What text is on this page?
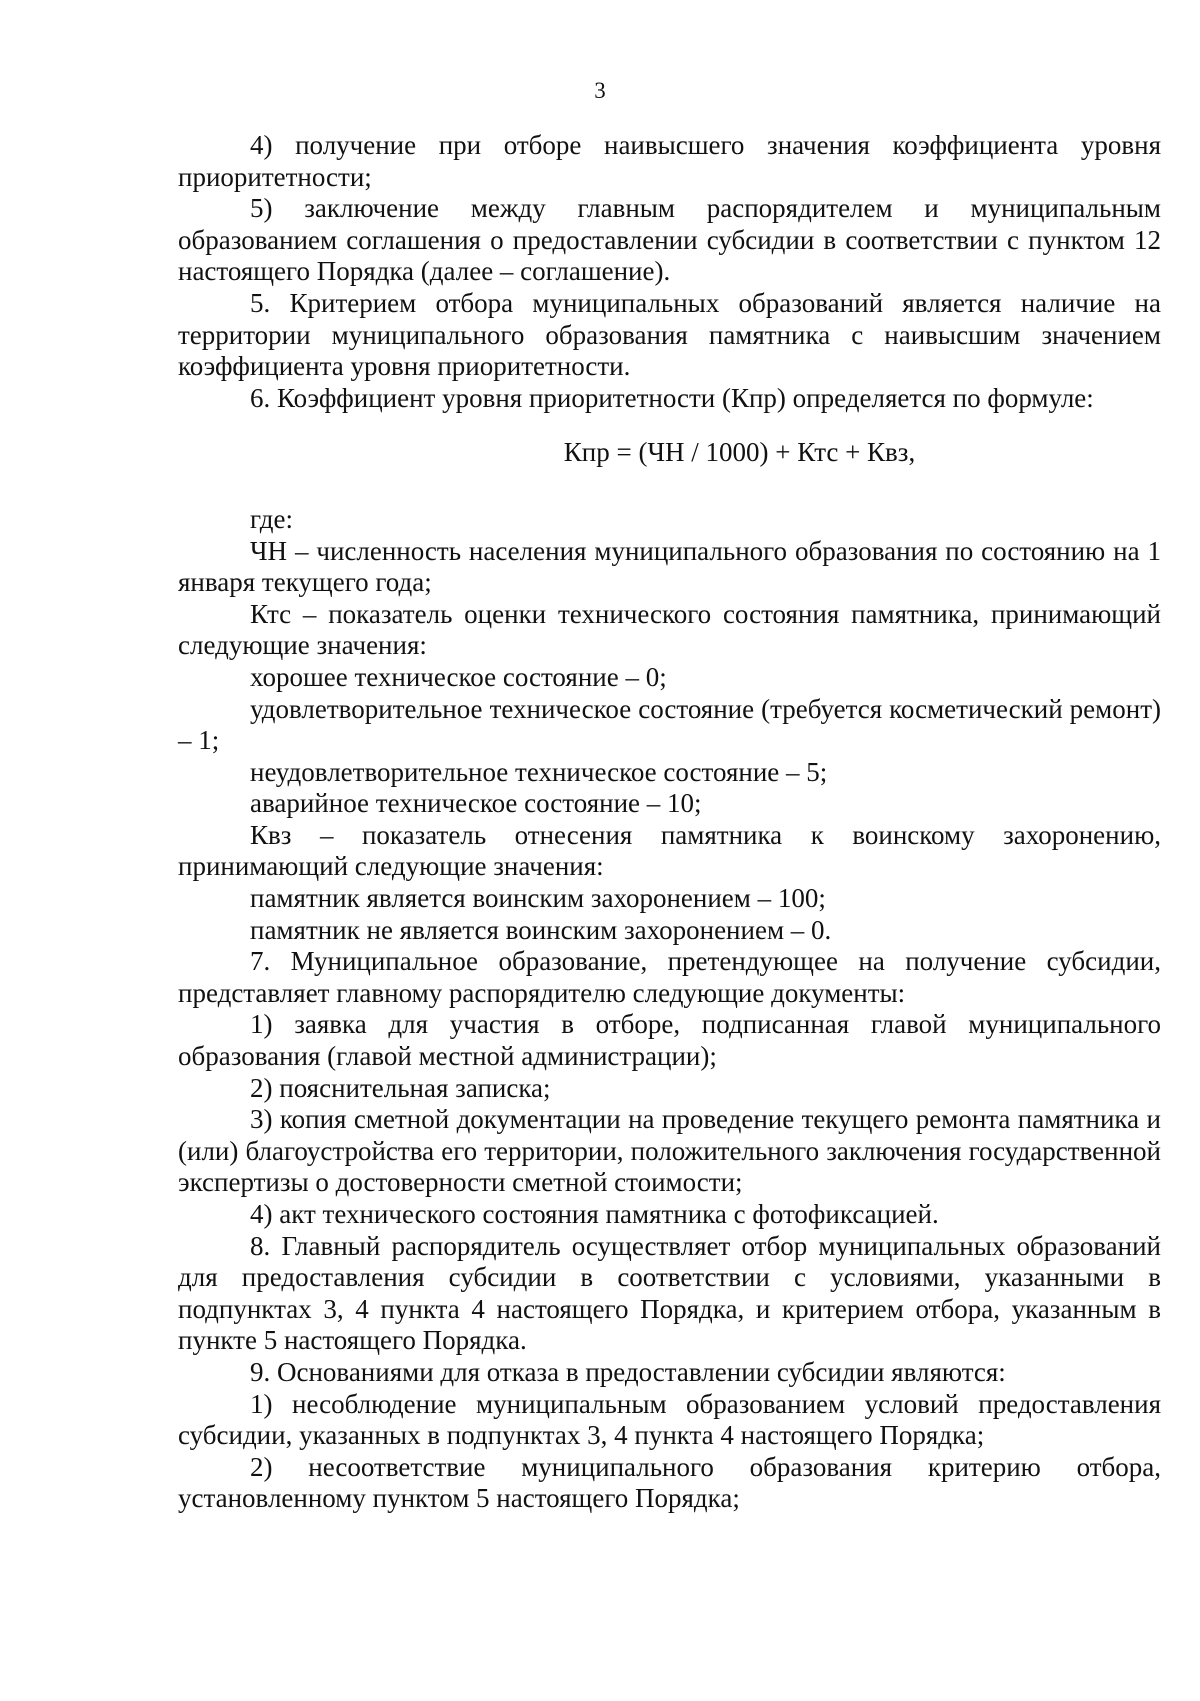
3

4) получение при отборе наивысшего значения коэффициента уровня приоритетности;

5) заключение между главным распорядителем и муниципальным образованием соглашения о предоставлении субсидии в соответствии с пунктом 12 настоящего Порядка (далее – соглашение).

5. Критерием отбора муниципальных образований является наличие на территории муниципального образования памятника с наивысшим значением коэффициента уровня приоритетности.

6. Коэффициент уровня приоритетности (Кпр) определяется по формуле:

Кпр = (ЧН / 1000) + Ктс + Квз,

где:

ЧН – численность населения муниципального образования по состоянию на 1 января текущего года;

Ктс – показатель оценки технического состояния памятника, принимающий следующие значения:

хорошее техническое состояние – 0;

удовлетворительное техническое состояние (требуется косметический ремонт) – 1;

неудовлетворительное техническое состояние – 5;

аварийное техническое состояние – 10;

Квз – показатель отнесения памятника к воинскому захоронению, принимающий следующие значения:

памятник является воинским захоронением – 100;

памятник не является воинским захоронением – 0.

7. Муниципальное образование, претендующее на получение субсидии, представляет главному распорядителю следующие документы:

1) заявка для участия в отборе, подписанная главой муниципального образования (главой местной администрации);

2) пояснительная записка;

3) копия сметной документации на проведение текущего ремонта памятника и (или) благоустройства его территории, положительного заключения государственной экспертизы о достоверности сметной стоимости;

4) акт технического состояния памятника с фотофиксацией.

8. Главный распорядитель осуществляет отбор муниципальных образований для предоставления субсидии в соответствии с условиями, указанными в подпунктах 3, 4 пункта 4 настоящего Порядка, и критерием отбора, указанным в пункте 5 настоящего Порядка.

9. Основаниями для отказа в предоставлении субсидии являются:

1) несоблюдение муниципальным образованием условий предоставления субсидии, указанных в подпунктах 3, 4 пункта 4 настоящего Порядка;

2) несоответствие муниципального образования критерию отбора, установленному пунктом 5 настоящего Порядка;
